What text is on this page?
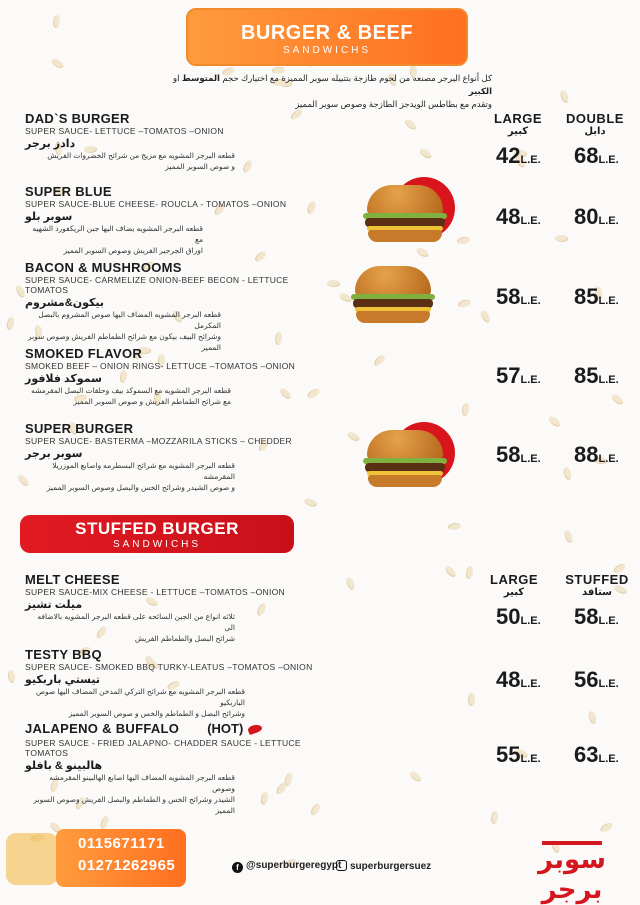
BURGER & BEEF
SANDWICHS
كل أنواع البرجر مصنعه من لحوم طازجة بتتبيله سوبر المميزة مع اختيارك حجم المتوسط او الكبير
وتقدم مع بطاطس الويدجز الطازجة وصوص سوبر المميز
LARGE
كبير
DOUBLE
دابل
DAD`S BURGER
SUPER SAUCE- LETTUCE –TOMATOS –ONION
دادز برجر
قطعه البرجر المشويه مع مزيج من شرائح الخضروات الفريش
و صوص السوبر المميز	42L.E. 68L.E.
SUPER BLUE
SUPER SAUCE-BLUE CHEESE- ROUCLA - TOMATOS –ONION
سوبر بلو
قطعه البرجر المشويه يضاف اليها جبن الريكفورد الشهيه مع
اوراق الجرجير الفريش وصوص السوبر المميز
48L.E. 80L.E.
BACON & MUSHROOMS
SUPER SAUCE- CARMELIZE ONION-BEEF BECON - LETTUCE
TOMATOS
بيكون&مشروم
قطعه البرجر المشويه المضاف اليها صوص المشروم بالبصل المكرمل
وشرائح البيف بيكون مع شرائح الطماطم الفريش وصوص سوبر المميز
58L.E. 85L.E.
SMOKED FLAVOR
SMOKED BEEF – ONION RINGS- LETTUCE –TOMATOS –ONION
سموكد فلافور
قطعه البرجر المشويه مع السموكد بيف وحلقات البصل المقرمشه
مع شرائح الطماطم الفريش و صوص السوبر المميز
57L.E. 85L.E.
SUPER BURGER
SUPER SAUCE- BASTERMA –MOZZARILA STICKS – CHEDDER
سوبر برجر
قطعه البرجر المشويه مع شرائح البسطرمه واصابع الموزريلا المقرمشه
و صوص الشيدر وشرائح الخس والبصل وصوص السوبر المميز
58L.E. 88L.E.
STUFFED BURGER
SANDWICHS
LARGE
كبير
STUFFED
ستافد
MELT CHEESE
SUPER SAUCE-MIX CHEESE - LETTUCE –TOMATOS –ONION
ميلت تشيز
ثلاثه انواع من الجبن السائحه على قطعه البرجر المشويه بالاضافه الى
شرائح البصل والطماطم الفريش
50L.E. 58L.E.
TESTY BBQ
SUPER SAUCE- SMOKED BBQ TURKY-LEATUS –TOMATOS –ONION
تيستي باربكيو
قطعه البرجر المشويه مع شرائح التركي المدخن المضاف اليها صوص الباربكيو
وشرائح البصل و الطماطم والخس و صوص السوبر المميز
48L.E. 56L.E.
JALAPENO & BUFFALO (HOT)
SUPER SAUCE - FRIED JALAPNO- CHADDER SAUCE - LETTUCE
TOMATOS
هالبينو & بافلو
قطعه البرجر المشويه المضاف اليها اصابع الهالبينو المقرمشه وصوص
الشيدر وشرائح الخس و الطماطم والبصل الفريش وصوص السوبر المميز
55L.E. 63L.E.
0115671171
01271262965	f @superburgeregypt superburgersuez	سوبر برجر
